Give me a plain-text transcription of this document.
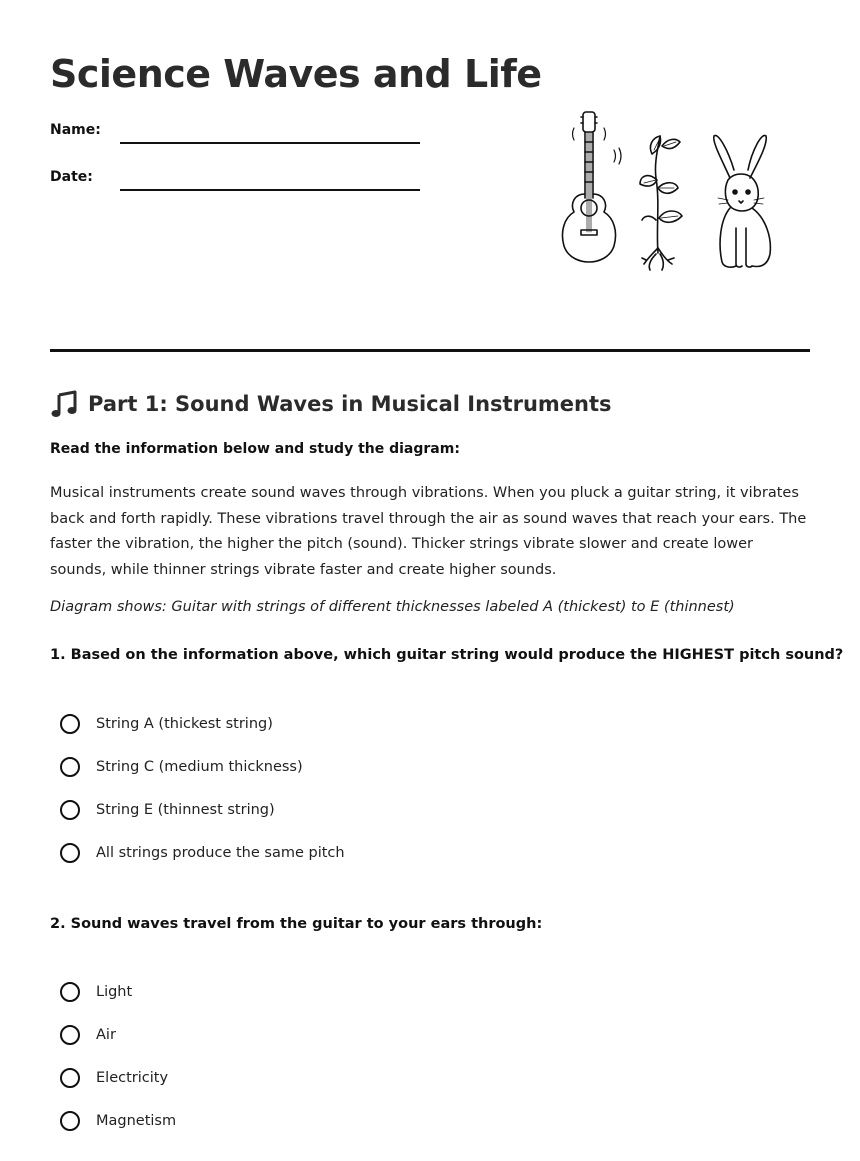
Science Waves and Life
Name:
Date:
Part 1: Sound Waves in Musical Instruments
Read the information below and study the diagram:

Musical instruments create sound waves through vibrations. When you pluck a guitar string, it vibrates back and forth rapidly. These vibrations travel through the air as sound waves that reach your ears. The faster the vibration, the higher the pitch (sound). Thicker strings vibrate slower and create lower sounds, while thinner strings vibrate faster and create higher sounds.

Diagram shows: Guitar with strings of different thicknesses labeled A (thickest) to E (thinnest)
1. Based on the information above, which guitar string would produce the HIGHEST pitch sound?
String A (thickest string)
String C (medium thickness)
String E (thinnest string)
All strings produce the same pitch
2. Sound waves travel from the guitar to your ears through:
Light
Air
Electricity
Magnetism
